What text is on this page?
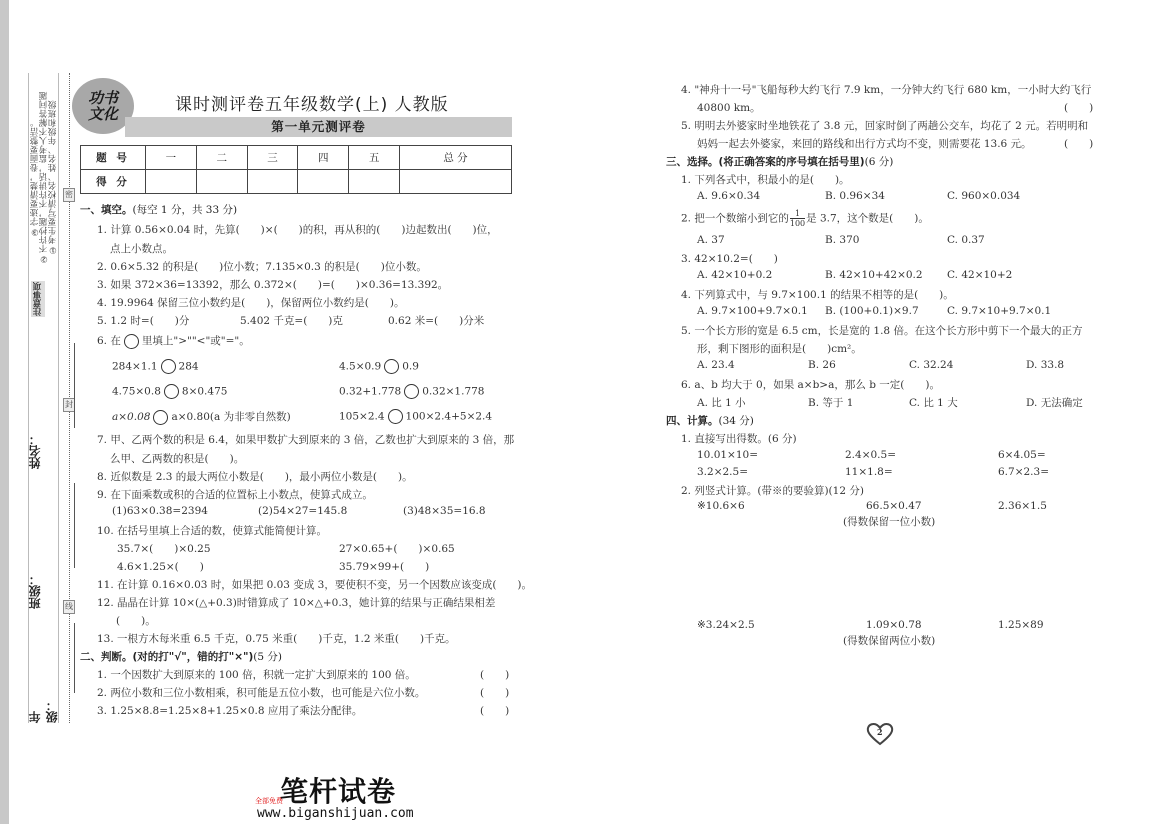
③字迹要清楚，卷面要整洁。 ②不许抄题，不许讲话，监考人不解答问题 ①考生要写清校名、姓名、年级和班级
注意事项
密
封
线
姓名：
班级：
年级：
功书
文化	课时测评卷五年级数学(上) 人教版
第一单元测评卷
题 号	一	二	三	四	五	总 分
得 分						
一、填空。(每空 1 分，共 33 分)
1. 计算 0.56×0.04 时，先算(　　)×(　　)的积，再从积的(　　)边起数出(　　)位，
点上小数点。
2. 0.6×5.32 的积是(　　)位小数；7.135×0.3 的积是(　　)位小数。
3. 如果 372×36=13392，那么 0.372×(　　)=(　　)×0.36=13.392。
4. 19.9964 保留三位小数约是(　　)，保留两位小数约是(　　)。
5. 1.2 时=(　　)分	5.402 千克=(　　)克	0.62 米=(　　)分米
6. 在 里填上">""<"或"="。
284×1.1 284	4.5×0.9 0.9
4.75×0.8 8×0.475	0.32+1.778 0.32×1.778
a×0.08 a×0.80(a 为非零自然数)	105×2.4 100×2.4+5×2.4
7. 甲、乙两个数的积是 6.4，如果甲数扩大到原来的 3 倍，乙数也扩大到原来的 3 倍，那
么甲、乙两数的积是(　　)。
8. 近似数是 2.3 的最大两位小数是(　　)，最小两位小数是(　　)。
9. 在下面乘数或积的合适的位置标上小数点，使算式成立。
(1)63×0.38=2394	(2)54×27=145.8	(3)48×35=16.8
10. 在括号里填上合适的数，使算式能简便计算。
35.7×(　　)×0.25	27×0.65+(　　)×0.65
4.6×1.25×(　　)	35.79×99+(　　)
11. 在计算 0.16×0.03 时，如果把 0.03 变成 3，要使积不变，另一个因数应该变成(　　)。
12. 晶晶在计算 10×(△+0.3)时错算成了 10×△+0.3，她计算的结果与正确结果相差
(　　)。
13. 一根方木每米重 6.5 千克，0.75 米重(　　)千克，1.2 米重(　　)千克。
二、判断。(对的打"√"，错的打"×")(5 分)
1. 一个因数扩大到原来的 100 倍，积就一定扩大到原来的 100 倍。	(　　)
2. 两位小数和三位小数相乘，积可能是五位小数，也可能是六位小数。	(　　)
3. 1.25×8.8=1.25×8+1.25×0.8 应用了乘法分配律。	(　　)
4. "神舟十一号"飞船每秒大约飞行 7.9 km，一分钟大约飞行 680 km，一小时大约飞行
40800 km。	(　　)
5. 明明去外婆家时坐地铁花了 3.8 元，回家时倒了两趟公交车，均花了 2 元。若明明和
妈妈一起去外婆家，来回的路线和出行方式均不变，则需要花 13.6 元。	(　　)
三、选择。(将正确答案的序号填在括号里)(6 分)
1. 下列各式中，积最小的是(　　)。
A. 9.6×0.34	B. 0.96×34	C. 960×0.034
2. 把一个数缩小到它的 $\frac{1}{100}$是 3.7，这个数是(　　)。
A. 37	B. 370	C. 0.37
3. 42×10.2=(　　)
A. 42×10+0.2	B. 42×10+42×0.2 C. 42×10+2
4. 下列算式中，与 9.7×100.1 的结果不相等的是(　　)。
A. 9.7×100+9.7×0.1 B. (100+0.1)×9.7	C. 9.7×10+9.7×0.1
5. 一个长方形的宽是 6.5 cm，长是宽的 1.8 倍。在这个长方形中剪下一个最大的正方
形，剩下图形的面积是(　　)cm²。
A. 23.4	B. 26	C. 32.24	D. 33.8
6. a、b 均大于 0，如果 a×b>a，那么 b 一定(　　)。
A. 比 1 小	B. 等于 1	C. 比 1 大	D. 无法确定
四、计算。(34 分)
1. 直接写出得数。(6 分)
10.01×10=	2.4×0.5=	6×4.05=
3.2×2.5=	11×1.8=	6.7×2.3=
2. 列竖式计算。(带※的要验算)(12 分)
※10.6×6	66.5×0.47	2.36×1.5
(得数保留一位小数)
※3.24×2.5	1.09×0.78	1.25×89
(得数保留两位小数)
2
全部免费
笔杆试卷
www.biganshijuan.com
